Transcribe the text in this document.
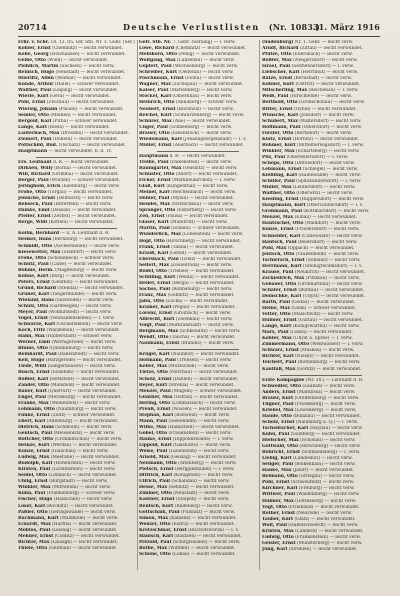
20714	Deutsche Verlustlisten (Nr. 1083.)
31. März 1916
Frhr. v. Schr. 18. 12. 05. Gfr. Stb. Nr. 1. Gebr. (Ser.)
Köhler, Ernst (Chemnitz) — leicht verwundet.
Kelle, Georg (Holzhausen) — leicht verwundet.
Gelbe, Otto (Wien) — leicht verwundet.
Plöhlich, Martin (Sachsen) — leicht verw.
Reinsch, Hugo (Neustadt) — leicht verwundet.
Stierlitz, Albin (Weimar) — leicht verwundet.
Kunde, Arthur (Halle) — schwer verwundet.
Walther, Paul (Leipzig) — leicht verwundet.
Wierle, Kurt (Gera) — leicht verwundet.
Pöhl, Ernst (Zwickau) — leicht verwundet.
Wiersig, Johann (Plauen) — leicht verwundet.
Semler, Otto (Meißen) — leicht verwundet.
Bergold, Karl (Pirna) — schwer verwundet.
Lange, Karl (Riesa) — leicht verwundet.
Lauterbach, Max (Dresden) — leicht verwundet.
Ziemert, Paul (Döbeln) — leicht verwundet.
Pottschild, Rud. (Oschatz) — leicht verwundet.
Hauptmann — leicht verwundet, b. d. Tr.
Ers. Leutnant d. R. — leicht verwundet.
Dirksen, Willy (Borna) — leicht verwundet.
Will, Richard (Grimma) — leicht verwundet.
Berger, Paul (Wurzen) — schwer verwundet.
Jeringhold, Erich (Eilenburg) — leicht verw.
Frohe, Otto (Torgau) — leicht verwundet.
Jenische, Ernst (Delitzsch) — leicht verw.
Rehseck, Paul (Bitterfeld) — leicht verw.
Dämke, Emil (Dessau) — leicht verwundet.
Pfeifer, Ernst (Zerbst) — leicht verwundet.
Berge, Willi (Köthen) — leicht verwundet.
Kollm, Bernhard — u. A. Leutnant d. R.
Henkel, Hans (Bernburg) — leicht verwundet.
Schmidt, Otto (Aschersleben) — leicht verw.
Kiesewetter, Max (Staßfurt) — leicht verw.
Frohe, Otto (Schönebeck) — schwer verw.
Schütz, Paul (Calbe) — leicht verwundet.
Böhme, Herm. (Magdeburg) — leicht verw.
Kühne, Kurt (Burg) — leicht verwundet.
Peters, Ernst (Genthin) — leicht verwundet.
Grund, Richard (Stendal) — leicht verwundet.
Gruner, Karl (Tangermünde) — leicht verw.
Wieland, Hans (Salzwedel) — leicht verw.
Schulz, Otto (Gardelegen) — leicht verw.
Meyer, Paul (Wolmirstedt) — leicht verw.
Vogel, Ernst (Neuhaldensleben) — l. verw.
Schwarze, Karl (Oschersleben) — leicht verw.
Koch, Fritz (Wanzleben) — leicht verwundet.
Hahn, Max (Halberstadt) — schwer verw.
Werner, Emil (Wernigerode) — leicht verw.
Blume, Otto (Quedlinburg) — leicht verw.
Reinhardt, Paul (Ballenstedt) — leicht verw.
Keil, Hugo (Harzgerode) — leicht verwundet.
Tiede, Willi (Sangerhausen) — leicht verw.
Busch, Ernst (Eisleben) — leicht verwundet.
Rößler, Karl (Hettstedt) — leicht verwundet.
Zander, Otto (Mansfeld) — leicht verwundet.
Bauer, Kurt (Querfurt) — leicht verwundet.
Engel, Paul (Merseburg) — leicht verwundet.
Franke, Max (Weißenfels) — leicht verw.
Lehmann, Otto (Naumburg) — leicht verw.
Funke, Ernst (Zeitz) — schwer verwundet.
Ebert, Karl (Altenburg) — leicht verwundet.
Dietrich, Hans (Schmölln) — leicht verw.
Gentsch, Paul (Meuselwitz) — leicht verw.
Böttcher, Otto (Crimmitschau) — leicht verw.
Heinze, Kurt (Werdau) — leicht verwundet.
Kunze, Ernst (Glauchau) — leicht verw.
Ludwig, Max (Meerane) — leicht verwundet.
Rudolph, Karl (Hohenstein) — leicht verw.
Kirsten, Paul (Lichtenstein) — leicht verw.
Seidel, Otto (Limbach) — leicht verwundet.
Uhlig, Ernst (Burgstädt) — leicht verw.
Winkler, Max (Mittweida) — leicht verw.
Kühn, Paul (Frankenberg) — schwer verw.
Fischer, Hugo (Hainichen) — leicht verw.
Löser, Karl (Rochlitz) — leicht verwundet.
Päßler, Otto (Geringswalde) — leicht verw.
Bachmann, Kurt (Waldheim) — leicht verw.
Eckardt, Max (Hartha) — leicht verwundet.
Möbius, Paul (Leisnig) — leicht verwundet.
Mehner, Ernst (Colditz) — leicht verwundet.
Richter, Max (Lausigk) — leicht verwundet.
Thiele, Otto (Geithain) — leicht verwundet.
Gefr. Stb. Nr. 7. Gebr. (Seraing) — l. verw.
Löwe, Richard (Chemnitz) — leicht verwundet.
Mehlhorn, Otto (Penig) — leicht verwundet.
Wolfgang, Max (Lunzenau) — leicht verw.
Göpfert, Paul (Wechselburg) — leicht verw.
Schreiber, Kurt (Oederan) — leicht verw.
Pöschmann, Ernst (Flöha) — leicht verw.
Wagner, Max (Zschopau) — leicht verwundet.
Kaiser, Paul (Marienberg) — leicht verw.
Stöckel, Karl (Olbernhau) — leicht verw.
Heinrich, Otto (Annaberg) — schwer verw.
Neubert, Ernst (Buchholz) — leicht verw.
Reichel, Kurt (Schwarzenberg) — leicht verw.
Schürer, Max (Aue) — leicht verwundet.
Unger, Paul (Schneeberg) — leicht verw.
Bräuer, Otto (Eibenstock) — leicht verw.
Wiedemann, Karl (Johanngeorgenstadt) — l. v.
Müller, Ernst (Auerbach) — leicht verwundet.
Hauptmann d. R. — leicht verwundet.
Treibe, Paul (Falkenstein) — leicht verw.
Baumgärtel, Max (Oelsnitz) — leicht verw.
Schuster, Otto (Adorf) — leicht verwundet.
Ficker, Ernst (Markneukirchen) — l. verw.
Glaß, Kurt (Klingenthal) — leicht verw.
Meinel, Karl (Reichenbach) — leicht verw.
Döhler, Paul (Mylau) — leicht verwundet.
Hendel, Max (Netzschkau) — leicht verw.
Spranger, Otto (Elsterberg) — leicht verw.
Zeh, Ernst (Pausa) — leicht verwundet.
Gläser, Kurt (Mühltroff) — leicht verw.
Martin, Paul (Schleiz) — schwer verwundet.
Wunderlich, Max (Lobenstein) — leicht verw.
Hopf, Otto (Hirschberg) — leicht verwundet.
Frank, Ernst (Tanna) — leicht verwundet.
Krauß, Karl (Gefell) — leicht verwundet.
Ebersbach, Paul (Greiz) — leicht verwundet.
Seifert, Max (Zeulenroda) — leicht verw.
Rödel, Otto (Triebes) — leicht verwundet.
Schilling, Kurt (Weida) — leicht verwundet.
Heller, Ernst (Berga) — leicht verwundet.
Sachse, Paul (Ronneburg) — leicht verw.
Franz, Max (Gößnitz) — leicht verwundet.
Jahn, Otto (Lucka) — leicht verwundet.
Kramer, Karl (Pegau) — leicht verwundet.
Lorenz, Ernst (Groitzsch) — leicht verw.
Albrecht, Kurt (Zwenkau) — leicht verw.
Voigt, Paul (Markranstädt) — leicht verw.
Bergmann, Max (Schkeuditz) — leicht verw.
Wendt, Otto (Taucha) — leicht verwundet.
Naumann, Ernst (Brandis) — leicht verw.
Krügel, Karl (Naunhof) — leicht verwundet.
Hofmann, Paul (Trebsen) — leicht verw.
Keller, Max (Mutzschen) — leicht verw.
Tietze, Otto (Nerchau) — leicht verwundet.
Scholz, Ernst (Dahlen) — leicht verwundet.
Beyer, Kurt (Strehla) — leicht verwundet.
Menzel, Paul (Mügeln) — schwer verwundet.
Günther, Max (Ostrau) — leicht verwundet.
Hering, Otto (Lommatzsch) — leicht verw.
Preuß, Ernst (Nossen) — leicht verwundet.
Stephan, Karl (Roßwein) — leicht verw.
Mann, Paul (Siebenlehn) — leicht verw.
Wilke, Max (Hainichen) — leicht verwundet.
Göbel, Otto (Frauenstein) — leicht verw.
Hanke, Ernst (Dippoldiswalde) — l. verw.
Lippold, Kurt (Glashütte) — leicht verw.
Weise, Paul (Lauenstein) — leicht verw.
Arnold, Max (Geising) — leicht verwundet.
Neumann, Otto (Altenberg) — leicht verw.
Pietsch, Ernst (Berggießhübel) — l. verw.
Dittrich, Karl (Königstein) — leicht verw.
Ullrich, Paul (Schandau) — leicht verw.
Hesse, Max (Sebnitz) — leicht verwundet.
Zimmer, Otto (Neustadt) — leicht verw.
Kästner, Ernst (Stolpen) — leicht verw.
Rentsch, Kurt (Radeberg) — leicht verw.
Gottschalk, Paul (Pulsnitz) — leicht verw.
Simon, Max (Kamenz) — leicht verwundet.
Wenzel, Otto (Elstra) — leicht verwundet.
Kretzschmar, Ernst (Bischofswerda) — l. v.
Hanisch, Karl (Bautzen) — leicht verwundet.
Petzold, Paul (Schirgiswalde) — leicht verw.
Rothe, Max (Wilthen) — leicht verwundet.
Schöne, Otto (Löbau) — leicht verwundet.
(Sudenburg) Nr. 1. Gebr. — leicht verw.
Arndt, Richard (Zittau) — leicht verwundet.
Pfütze, Otto (Ebersbach) — leicht verw.
Rößler, Max (Neugersdorf) — leicht verw.
Israel, Paul (Seifhennersdorf) — l. verw.
Liebscher, Karl (Herrnhut) — leicht verw.
Rätze, Ernst (Bernstadt) — leicht verw.
Kühnel, Kurt (Ostritz) — leicht verwundet.
Mitscherling, Max (Reichenau) — l. verw.
Weiß, Paul (Hirschfelde) — leicht verw.
Berthold, Otto (Großschönau) — leicht verw.
Ritter, Ernst (Oybin) — leicht verwundet.
Wünsche, Karl (Jonsdorf) — leicht verw.
Schubert, Max (Waltersdorf) — leicht verw.
Hoffmann, Paul (Olbersdorf) — leicht verw.
Förster, Otto (Bertsdorf) — leicht verw.
Klotz, Ernst (Hörnitz) — leicht verwundet.
Böhmer, Kurt (Mittelherwigsdorf) — l. verw.
Winkler, Max (Eckartsberg) — leicht verw.
Pilz, Paul (Oberseifersdorf) — l. verw.
Schöps, Otto (Dittelsdorf) — leicht verw.
Lehmann, Ernst (Schlegel) — leicht verw.
Kießling, Karl (Hainewalde) — leicht verw.
Schiller, Paul (Spitzkunnersdorf) — l. verw.
Müller, Max (Leutersdorf) — leicht verw.
Walther, Otto (Oderwitz) — leicht verw.
Kiesling, Ernst (Ruppersdorf) — leicht verw.
Hauptmann, Kurt (Obercunnersdorf) — l. v.
Grohmann, Paul (Kottmarsdorf) — leicht verw.
Menzel, Max (Eibau) — leicht verwundet.
Häntzschel, Otto (Walddorf) — leicht verw.
Kunze, Ernst (Friedersdorf) — leicht verw.
Schneider, Karl (Cunewalde) — leicht verw.
Hantsch, Paul (Beiersdorf) — leicht verw.
Pohl, Max (Oppach) — leicht verwundet.
Jentsch, Otto (Taubenheim) — leicht verw.
Tschiersch, Ernst (Sohland) — leicht verw.
Herrmann, Kurt (Steinigtwolmsdorf) — l. v.
Krause, Paul (Neukirch) — leicht verwundet.
Zschiedrich, Max (Putzkau) — leicht verw.
Gebauer, Otto (Großharthau) — leicht verw.
Schäfer, Ernst (Burkau) — leicht verwundet.
Domschke, Karl (Uhyst) — leicht verwundet.
Barth, Paul (Gödau) — leicht verwundet.
Heine, Max (Göda) — schwer verwundet.
Vetter, Otto (Malschwitz) — leicht verw.
Hübner, Ernst (Guttau) — leicht verwundet.
Lange, Kurt (Königswartha) — leicht verw.
Marx, Paul (Lohsa) — leicht verwundet.
Köhler, Max (Uhyst a. Spree) — l. verw.
Zimmermann, Otto (Weißwasser) — l. verw.
Schwarz, Ernst (Muskau) — leicht verw.
Richter, Karl (Niesky) — leicht verwundet.
Teichert, Paul (Rothenburg) — leicht verw.
Kaulfuß, Max (Görlitz) — leicht verwundet.
Erste Kompagnie (Nr. 10.) — Leutnant d. R.
Schwedler, Otto (Lauban) — leicht verw.
Anders, Ernst (Marklissa) — leicht verw.
Bräuer, Kurt (Greiffenberg) — leicht verw.
Tilgner, Paul (Friedeberg) — leicht verw.
Kriebel, Max (Löwenberg) — leicht verw.
Haude, Otto (Bunzlau) — leicht verwundet.
Scholz, Ernst (Naumburg a. Q.) — l. verw.
Tschentscher, Karl (Haynau) — leicht verw.
Kühn, Paul (Goldberg) — leicht verwundet.
Hielscher, Max (Schönau) — leicht verw.
Gottwald, Otto (Hirschberg) — leicht verw.
Röhricht, Ernst (Schmiedeberg) — l. verw.
Liebig, Kurt (Landeshut) — leicht verw.
Seliger, Paul (Bolkenhain) — leicht verw.
Hanke, Max (Jauer) — leicht verwundet.
Reimann, Otto (Striegau) — leicht verw.
Pohl, Ernst (Schweidnitz) — leicht verw.
Kirchner, Karl (Freiburg) — leicht verw.
Wittwer, Paul (Waldenburg) — leicht verw.
Hübner, Max (Gottesberg) — leicht verw.
Vogt, Otto (Friedland) — leicht verwundet.
Rother, Ernst (Neurode) — leicht verw.
Tauber, Kurt (Glatz) — leicht verwundet.
Wolf, Paul (Habelschwerdt) — leicht verw.
Kristen, Max (Landeck) — leicht verwundet.
Ludwig, Otto (Frankenstein) — leicht verw.
Geisler, Ernst (Münsterberg) — leicht verw.
Jung, Karl (Strehlen) — leicht verwundet.
